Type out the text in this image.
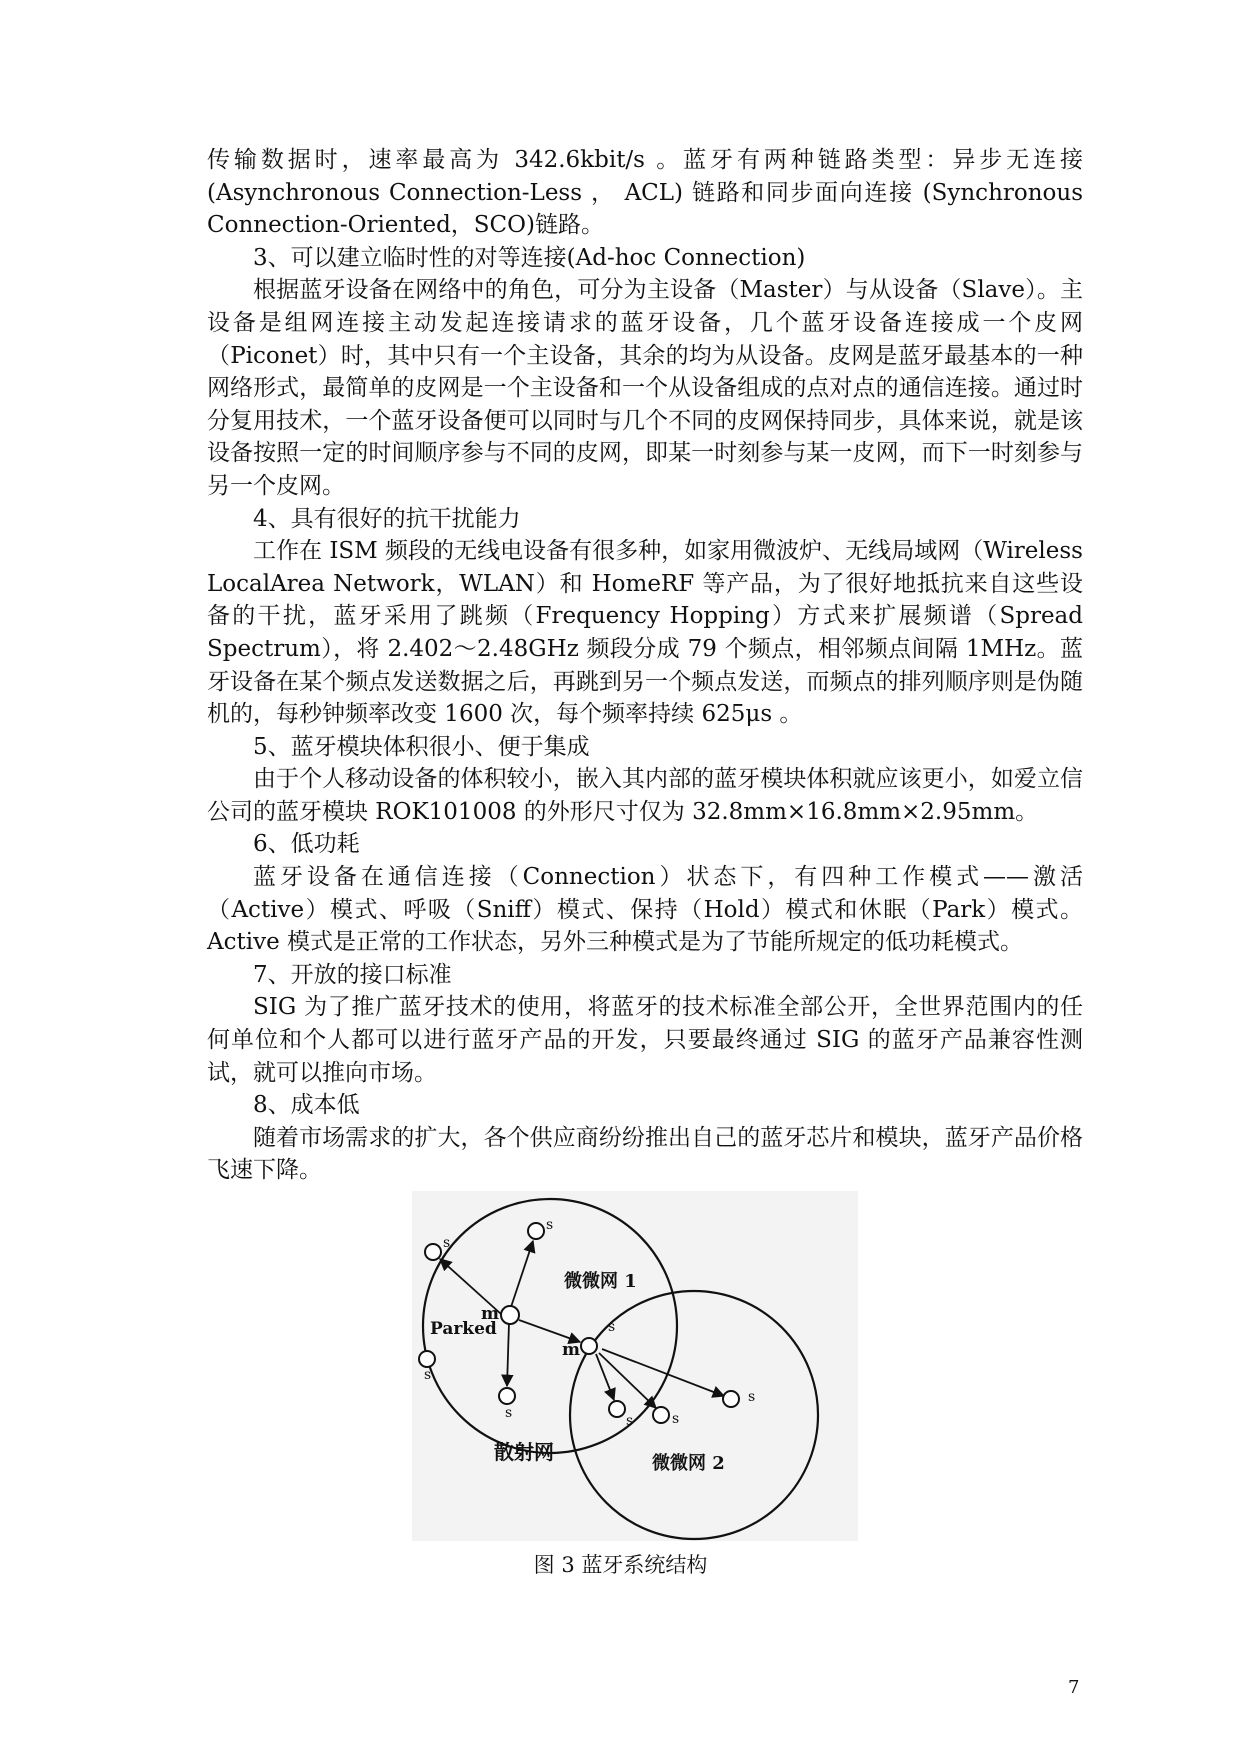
传输数据时，速率最高为 342.6kbit/s 。蓝牙有两种链路类型：异步无连接(Asynchronous Connection-Less ， ACL) 链路和同步面向连接 (Synchronous Connection-Oriented，SCO)链路。

3、可以建立临时性的对等连接(Ad-hoc Connection)

根据蓝牙设备在网络中的角色，可分为主设备（Master）与从设备（Slave）。主设备是组网连接主动发起连接请求的蓝牙设备，几个蓝牙设备连接成一个皮网（Piconet）时，其中只有一个主设备，其余的均为从设备。皮网是蓝牙最基本的一种网络形式，最简单的皮网是一个主设备和一个从设备组成的点对点的通信连接。通过时分复用技术，一个蓝牙设备便可以同时与几个不同的皮网保持同步，具体来说，就是该设备按照一定的时间顺序参与不同的皮网，即某一时刻参与某一皮网，而下一时刻参与另一个皮网。

4、具有很好的抗干扰能力

工作在 ISM 频段的无线电设备有很多种，如家用微波炉、无线局域网（Wireless LocalArea Network，WLAN）和 HomeRF 等产品，为了很好地抵抗来自这些设备的干扰，蓝牙采用了跳频（Frequency Hopping）方式来扩展频谱（Spread Spectrum），将 2.402～2.48GHz 频段分成 79 个频点，相邻频点间隔 1MHz。蓝牙设备在某个频点发送数据之后，再跳到另一个频点发送，而频点的排列顺序则是伪随机的，每秒钟频率改变 1600 次，每个频率持续 625μs 。

5、蓝牙模块体积很小、便于集成

由于个人移动设备的体积较小，嵌入其内部的蓝牙模块体积就应该更小，如爱立信公司的蓝牙模块 ROK101008 的外形尺寸仅为 32.8mm×16.8mm×2.95mm。

6、低功耗

蓝牙设备在通信连接（Connection）状态下，有四种工作模式——激活（Active）模式、呼吸（Sniff）模式、保持（Hold）模式和休眠（Park）模式。Active 模式是正常的工作状态，另外三种模式是为了节能所规定的低功耗模式。

7、开放的接口标准

SIG 为了推广蓝牙技术的使用，将蓝牙的技术标准全部公开，全世界范围内的任何单位和个人都可以进行蓝牙产品的开发，只要最终通过 SIG 的蓝牙产品兼容性测试，就可以推向市场。

8、成本低

随着市场需求的扩大，各个供应商纷纷推出自己的蓝牙芯片和模块，蓝牙产品价格飞速下降。

s
s
s
s
s
s	s
s
m
m
Parked
微微网 1
微微网 2
散射网
图 3 蓝牙系统结构
7
